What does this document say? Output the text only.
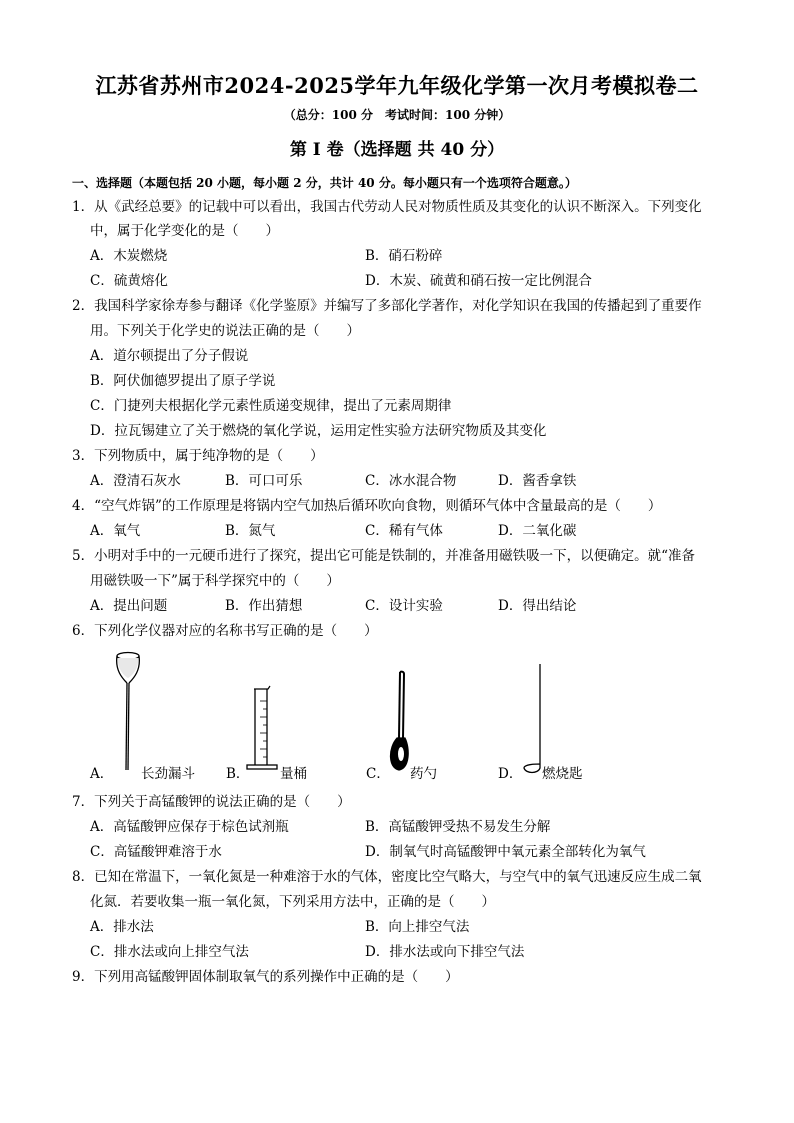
江苏省苏州市2024-2025学年九年级化学第一次月考模拟卷二
（总分：100 分　考试时间：100 分钟）
第 I 卷（选择题 共 40 分）
一、选择题（本题包括 20 小题，每小题 2 分，共计 40 分。每小题只有一个选项符合题意。）
1．从《武经总要》的记载中可以看出，我国古代劳动人民对物质性质及其变化的认识不断深入。下列变化
中，属于化学变化的是（　　）
A．木炭燃烧	B．硝石粉碎
C．硫黄熔化	D．木炭、硫黄和硝石按一定比例混合
2．我国科学家徐寿参与翻译《化学鉴原》并编写了多部化学著作，对化学知识在我国的传播起到了重要作
用。下列关于化学史的说法正确的是（　　）
A．道尔顿提出了分子假说
B．阿伏伽德罗提出了原子学说
C．门捷列夫根据化学元素性质递变规律，提出了元素周期律
D．拉瓦锡建立了关于燃烧的氧化学说，运用定性实验方法研究物质及其变化
3．下列物质中，属于纯净物的是（　　）
A．澄清石灰水	B．可口可乐	C．冰水混合物	D．酱香拿铁
4．“空气炸锅”的工作原理是将锅内空气加热后循环吹向食物，则循环气体中含量最高的是（　　）
A．氧气	B．氮气	C．稀有气体	D．二氧化碳
5．小明对手中的一元硬币进行了探究，提出它可能是铁制的，并准备用磁铁吸一下，以便确定。就“准备
用磁铁吸一下”属于科学探究中的（　　）
A．提出问题	B．作出猜想	C．设计实验	D．得出结论
6．下列化学仪器对应的名称书写正确的是（　　）
A． 长劲漏斗 B． 量桶	C． 药勺	D． 燃烧匙
7．下列关于高锰酸钾的说法正确的是（　　）
A．高锰酸钾应保存于棕色试剂瓶	B．高锰酸钾受热不易发生分解
C．高锰酸钾难溶于水	D．制氧气时高锰酸钾中氧元素全部转化为氧气
8．已知在常温下，一氧化氮是一种难溶于水的气体，密度比空气略大，与空气中的氧气迅速反应生成二氧
化氮．若要收集一瓶一氧化氮，下列采用方法中，正确的是（　　）
A．排水法	B．向上排空气法
C．排水法或向上排空气法	D．排水法或向下排空气法
9．下列用高锰酸钾固体制取氧气的系列操作中正确的是（　　）
